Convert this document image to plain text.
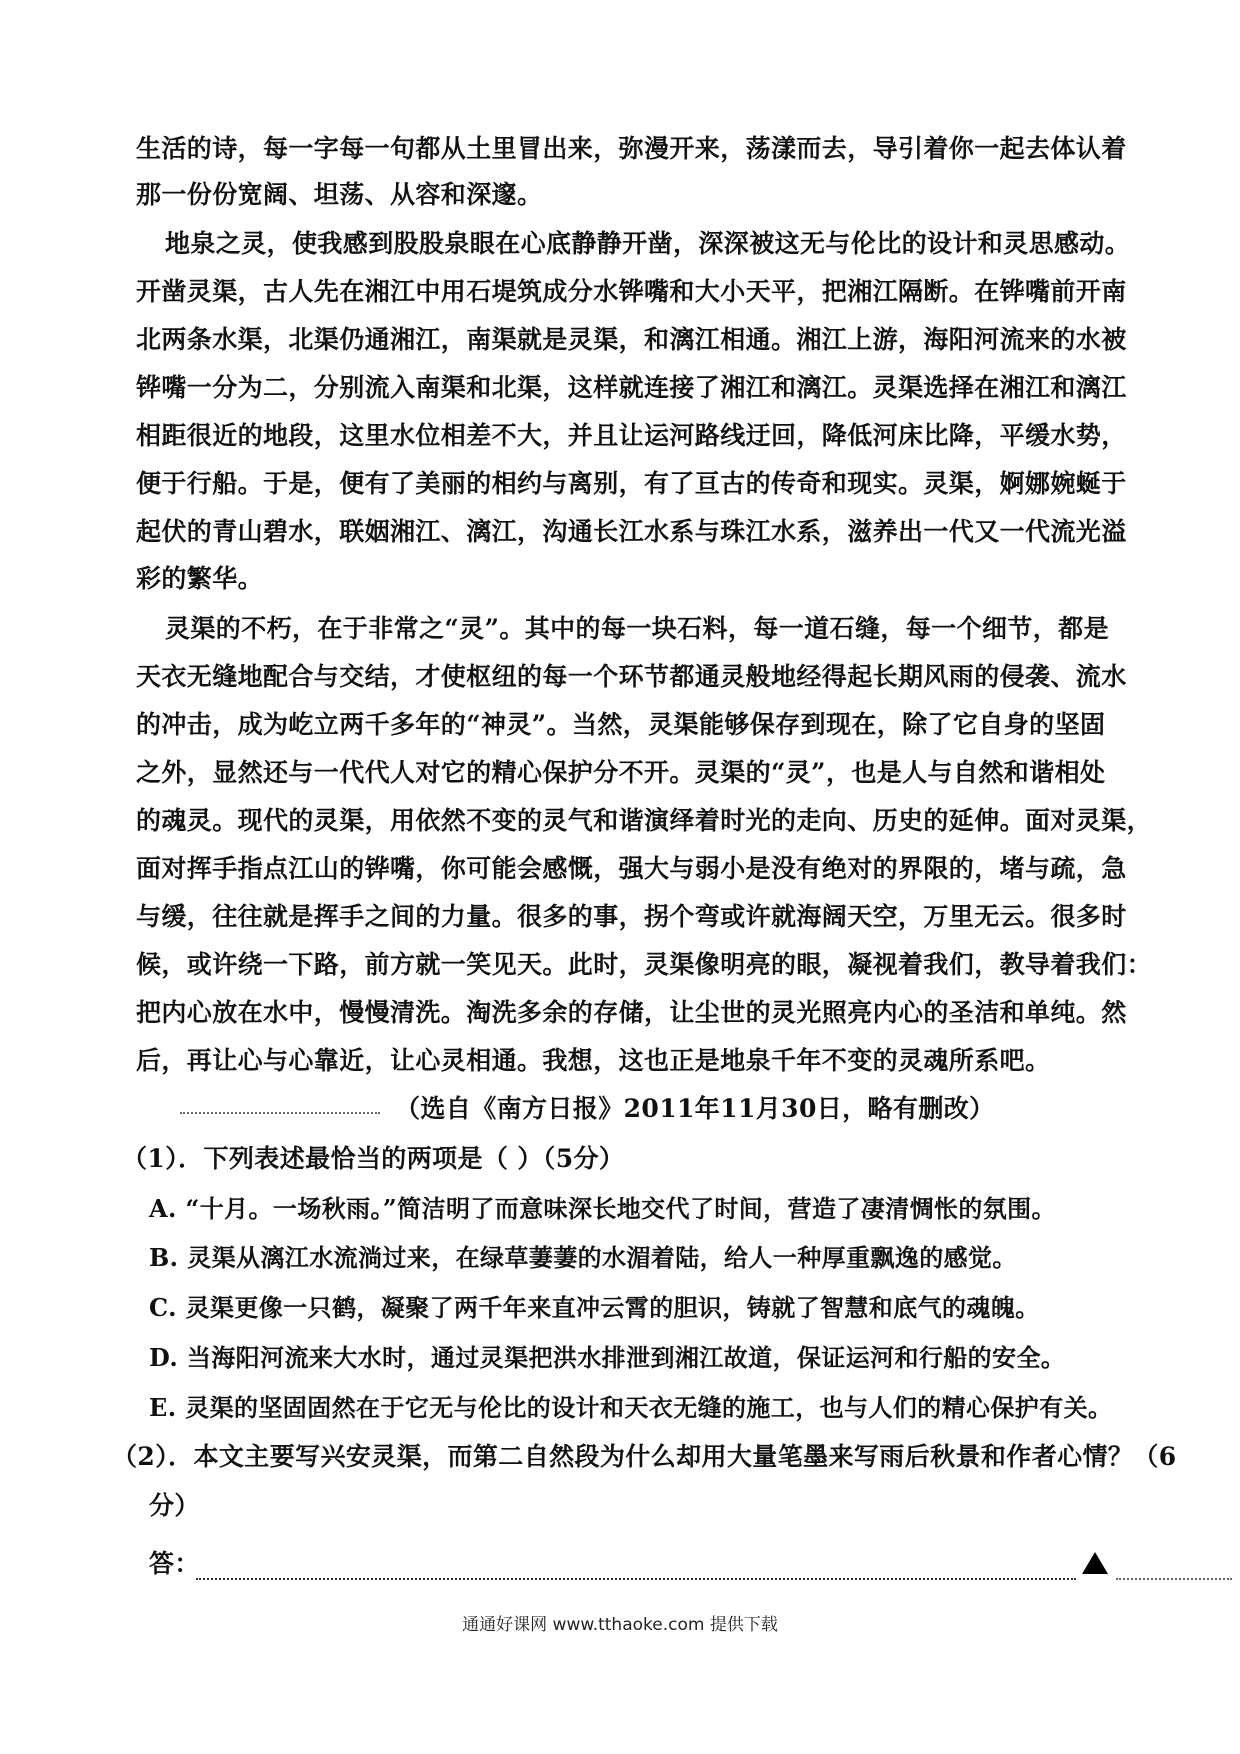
生活的诗，每一字每一句都从土里冒出来，弥漫开来，荡漾而去，导引着你一起去体认着
那一份份宽阔、坦荡、从容和深邃。
地泉之灵，使我感到股股泉眼在心底静静开凿，深深被这无与伦比的设计和灵思感动。
开凿灵渠，古人先在湘江中用石堤筑成分水铧嘴和大小天平，把湘江隔断。在铧嘴前开南
北两条水渠，北渠仍通湘江，南渠就是灵渠，和漓江相通。湘江上游，海阳河流来的水被
铧嘴一分为二，分别流入南渠和北渠，这样就连接了湘江和漓江。灵渠选择在湘江和漓江
相距很近的地段，这里水位相差不大，并且让运河路线迂回，降低河床比降，平缓水势，
便于行船。于是，便有了美丽的相约与离别，有了亘古的传奇和现实。灵渠，婀娜婉蜒于
起伏的青山碧水，联姻湘江、漓江，沟通长江水系与珠江水系，滋养出一代又一代流光溢
彩的繁华。
灵渠的不朽，在于非常之“灵”。其中的每一块石料，每一道石缝，每一个细节，都是
天衣无缝地配合与交结，才使枢纽的每一个环节都通灵般地经得起长期风雨的侵袭、流水
的冲击，成为屹立两千多年的“神灵”。当然，灵渠能够保存到现在，除了它自身的坚固
之外，显然还与一代代人对它的精心保护分不开。灵渠的“灵”，也是人与自然和谐相处
的魂灵。现代的灵渠，用依然不变的灵气和谐演绎着时光的走向、历史的延伸。面对灵渠，
面对挥手指点江山的铧嘴，你可能会感慨，强大与弱小是没有绝对的界限的，堵与疏，急
与缓，往往就是挥手之间的力量。很多的事，拐个弯或许就海阔天空，万里无云。很多时
候，或许绕一下路，前方就一笑见天。此时，灵渠像明亮的眼，凝视着我们，教导着我们：
把内心放在水中，慢慢清洗。淘洗多余的存储，让尘世的灵光照亮内心的圣洁和单纯。然
后，再让心与心靠近，让心灵相通。我想，这也正是地泉千年不变的灵魂所系吧。
（选自《南方日报》2011年11月30日，略有删改）
（1）．下列表述最恰当的两项是（ ）（5分）
A. “十月。一场秋雨。”简洁明了而意味深长地交代了时间，营造了凄清惆怅的氛围。
B. 灵渠从漓江水流淌过来，在绿草萋萋的水湄着陆，给人一种厚重飘逸的感觉。
C. 灵渠更像一只鹤，凝聚了两千年来直冲云霄的胆识，铸就了智慧和底气的魂魄。
D. 当海阳河流来大水时，通过灵渠把洪水排泄到湘江故道，保证运河和行船的安全。
E. 灵渠的坚固固然在于它无与伦比的设计和天衣无缝的施工，也与人们的精心保护有关。
（2）．本文主要写兴安灵渠，而第二自然段为什么却用大量笔墨来写雨后秋景和作者心情？（6
分）
答：
通通好课网 www.tthaoke.com 提供下载
